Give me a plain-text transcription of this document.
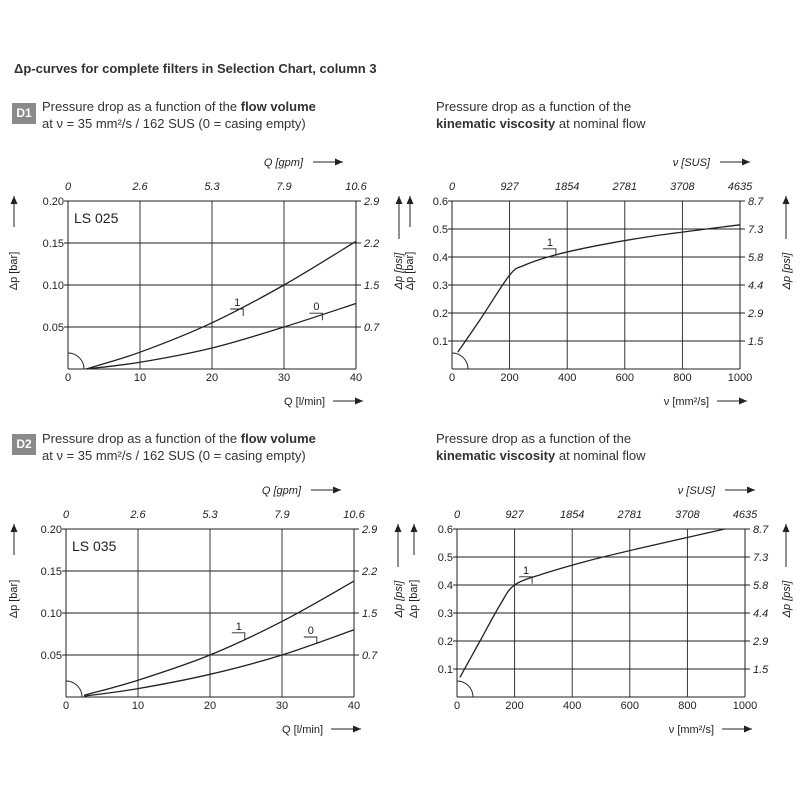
Δp-curves for complete filters in Selection Chart, column 3
D1 Pressure drop as a function of the flow volume
at ν = 35 mm²/s / 162 SUS (0 = casing empty)
Pressure drop as a function of the
kinematic viscosity at nominal flow
D2 Pressure drop as a function of the flow volume
at ν = 35 mm²/s / 162 SUS (0 = casing empty)
Pressure drop as a function of the
kinematic viscosity at nominal flow
0
0
10
2.6
20
5.3
30
7.9
40
10.6
0.05	0.7
0.10	1.5
0.15	2.2
0.20	2.9
Q [gpm]
Q [l/min]
Δp [bar]	Δp [psi]
LS 025
1	0
0
0
200
927
400
1854
600
2781
800
3708
1000
4635
0.1	1.5
0.2	2.9
0.3	4.4
0.4	5.8
0.5	7.3
0.6	8.7
ν [SUS]
ν [mm²/s]
Δp [bar]	Δp [psi]
1
0
0
10
2.6
20
5.3
30
7.9
40
10.6
0.05	0.7
0.10	1.5
0.15	2.2
0.20	2.9
Q [gpm]
Q [l/min]
Δp [bar]	Δp [psi]
LS 035
1	0
0
0
200
927
400
1854
600
2781
800
3708
1000
4635
0.1	1.5
0.2	2.9
0.3	4.4
0.4	5.8
0.5	7.3
0.6	8.7
ν [SUS]
ν [mm²/s]
Δp [bar]	Δp [psi]
1
